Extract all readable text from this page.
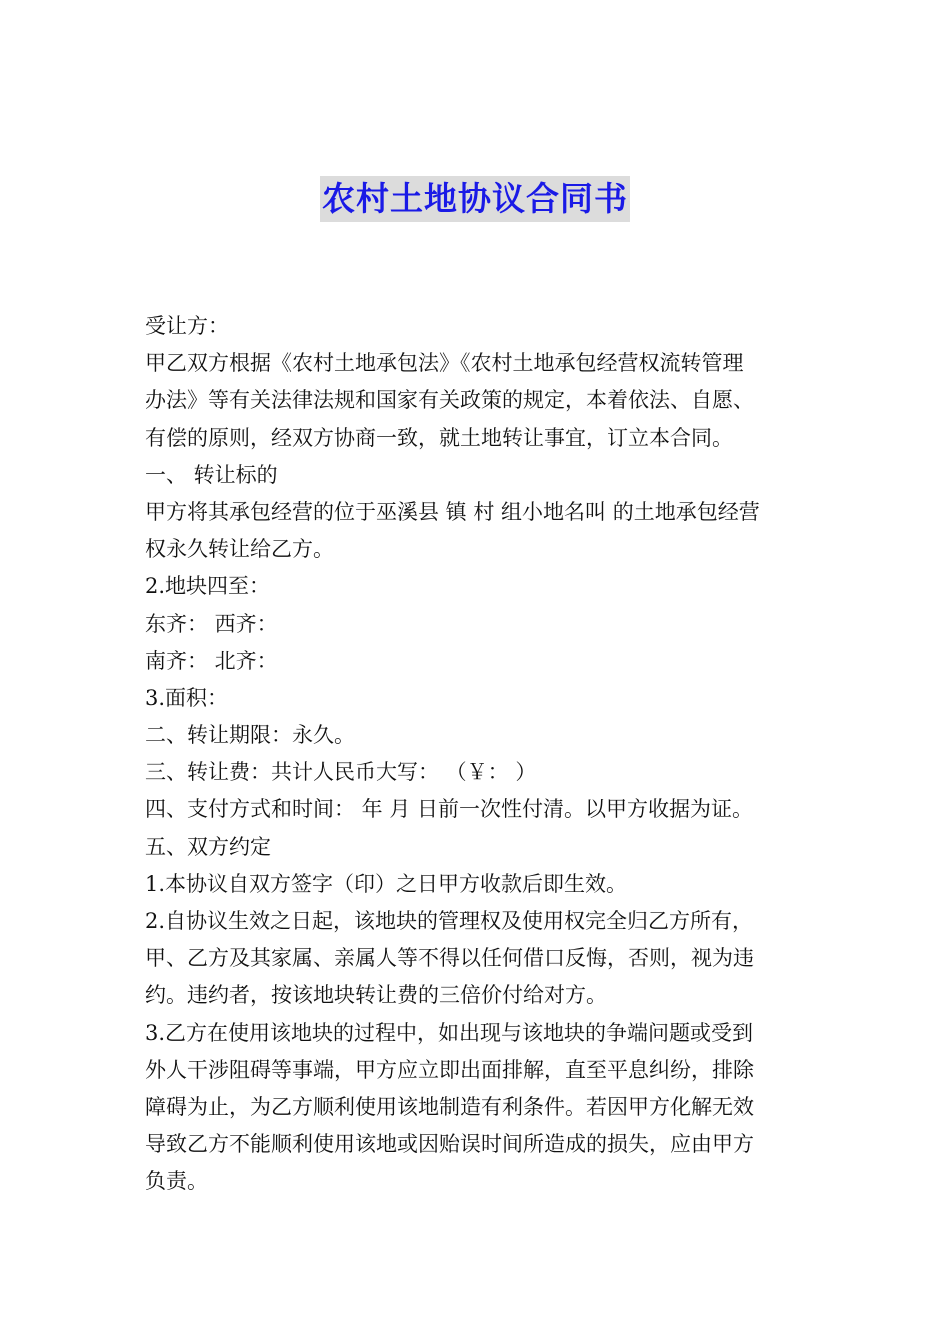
农村土地协议合同书
受让方：
甲乙双方根据《农村土地承包法》《农村土地承包经营权流转管理
办法》等有关法律法规和国家有关政策的规定，本着依法、自愿、
有偿的原则，经双方协商一致，就土地转让事宜，订立本合同。
一、 转让标的
甲方将其承包经营的位于巫溪县 镇 村 组小地名叫 的土地承包经营
权永久转让给乙方。
2.地块四至：
东齐： 西齐：
南齐： 北齐：
3.面积：
二、转让期限：永久。
三、转让费：共计人民币大写： （￥： ）
四、支付方式和时间： 年 月 日前一次性付清。以甲方收据为证。
五、双方约定
1.本协议自双方签字（印）之日甲方收款后即生效。
2.自协议生效之日起，该地块的管理权及使用权完全归乙方所有，
甲、乙方及其家属、亲属人等不得以任何借口反悔，否则，视为违
约。违约者，按该地块转让费的三倍价付给对方。
3.乙方在使用该地块的过程中，如出现与该地块的争端问题或受到
外人干涉阻碍等事端，甲方应立即出面排解，直至平息纠纷，排除
障碍为止，为乙方顺利使用该地制造有利条件。若因甲方化解无效
导致乙方不能顺利使用该地或因贻误时间所造成的损失，应由甲方
负责。
